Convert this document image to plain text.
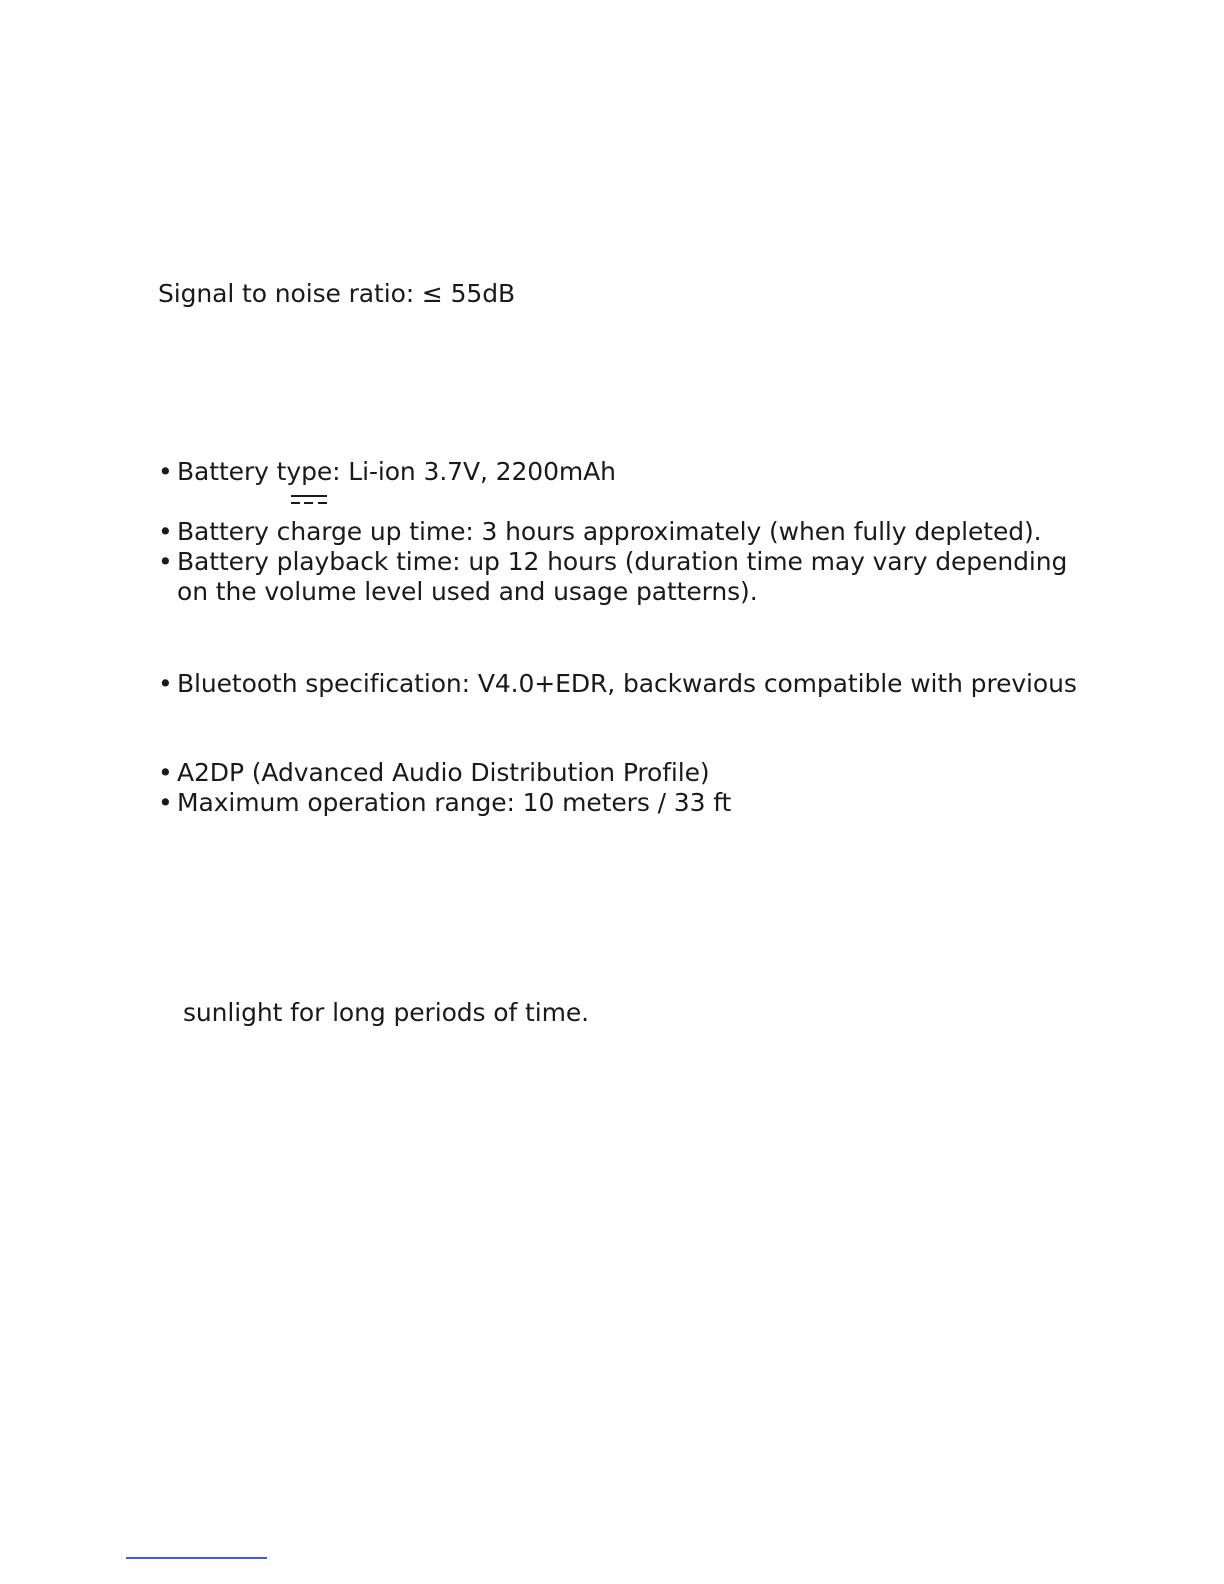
Signal to noise ratio: ≤ 55dB
• Battery type: Li-ion 3.7V, 2200mAh
• Battery charge up time: 3 hours approximately (when fully depleted).
• Battery playback time: up 12 hours (duration time may vary depending
on the volume level used and usage patterns).
• Bluetooth specification: V4.0+EDR, backwards compatible with previous
• A2DP (Advanced Audio Distribution Profile)
• Maximum operation range: 10 meters / 33 ft
sunlight for long periods of time.
